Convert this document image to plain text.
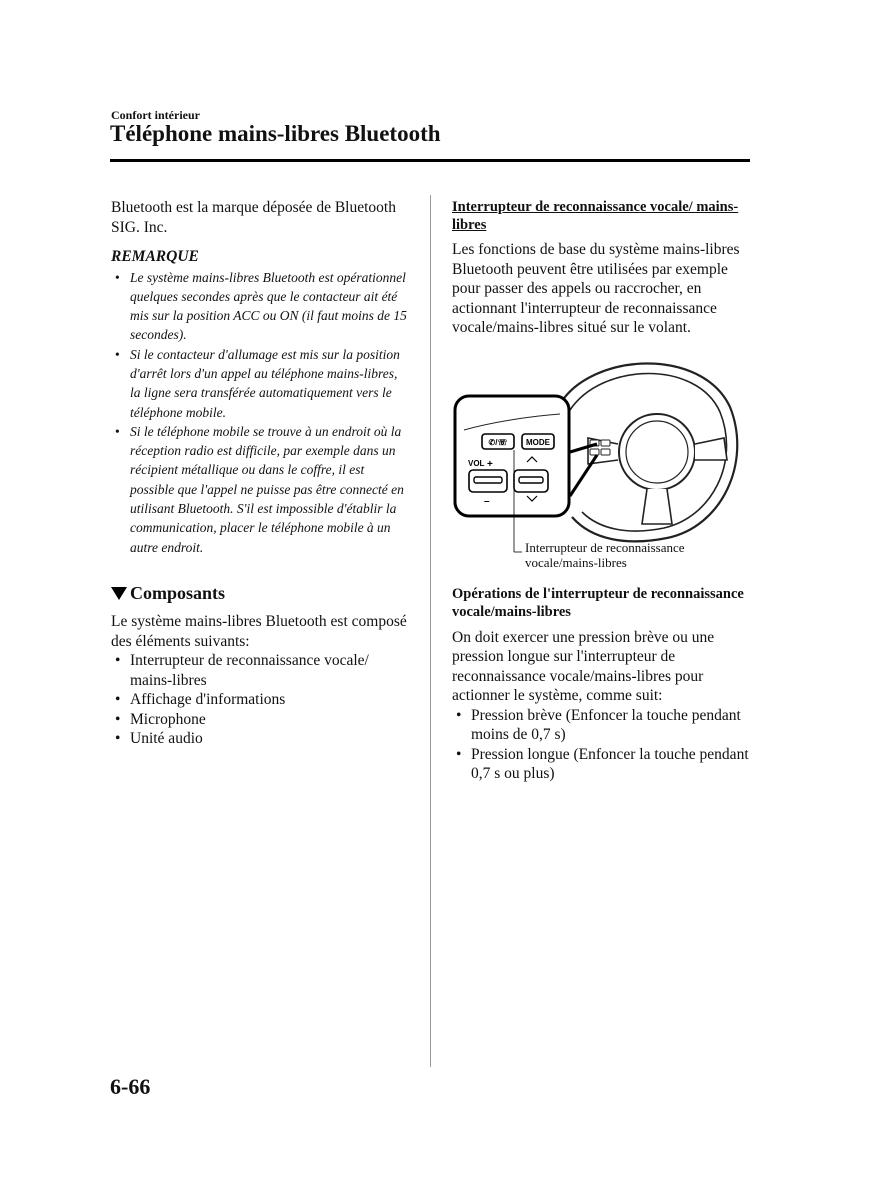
Confort intérieur
Téléphone mains-libres Bluetooth

Bluetooth est la marque déposée de Bluetooth SIG. Inc.

REMARQUE

• Le système mains-libres Bluetooth est opérationnel quelques secondes après que le contacteur ait été mis sur la position ACC ou ON (il faut moins de 15 secondes).
• Si le contacteur d'allumage est mis sur la position d'arrêt lors d'un appel au téléphone mains-libres, la ligne sera transférée automatiquement vers le téléphone mobile.
• Si le téléphone mobile se trouve à un endroit où la réception radio est difficile, par exemple dans un récipient métallique ou dans le coffre, il est possible que l'appel ne puisse pas être connecté en utilisant Bluetooth. S'il est impossible d'établir la communication, placer le téléphone mobile à un autre endroit.
Composants

Le système mains-libres Bluetooth est composé des éléments suivants:

• Interrupteur de reconnaissance vocale/ mains-libres
• Affichage d'informations
• Microphone
• Unité audio

Interrupteur de reconnaissance vocale/ mains-libres

Les fonctions de base du système mains-libres Bluetooth peuvent être utilisées par exemple pour passer des appels ou raccrocher, en actionnant l'interrupteur de reconnaissance vocale/mains-libres situé sur le volant.

✆/☏ MODE
VOL +
–
Interrupteur de reconnaissance vocale/mains-libres

Opérations de l'interrupteur de reconnaissance vocale/mains-libres

On doit exercer une pression brève ou une pression longue sur l'interrupteur de reconnaissance vocale/mains-libres pour actionner le système, comme suit:

• Pression brève (Enfoncer la touche pendant moins de 0,7 s)
• Pression longue (Enfoncer la touche pendant 0,7 s ou plus)
6-66
